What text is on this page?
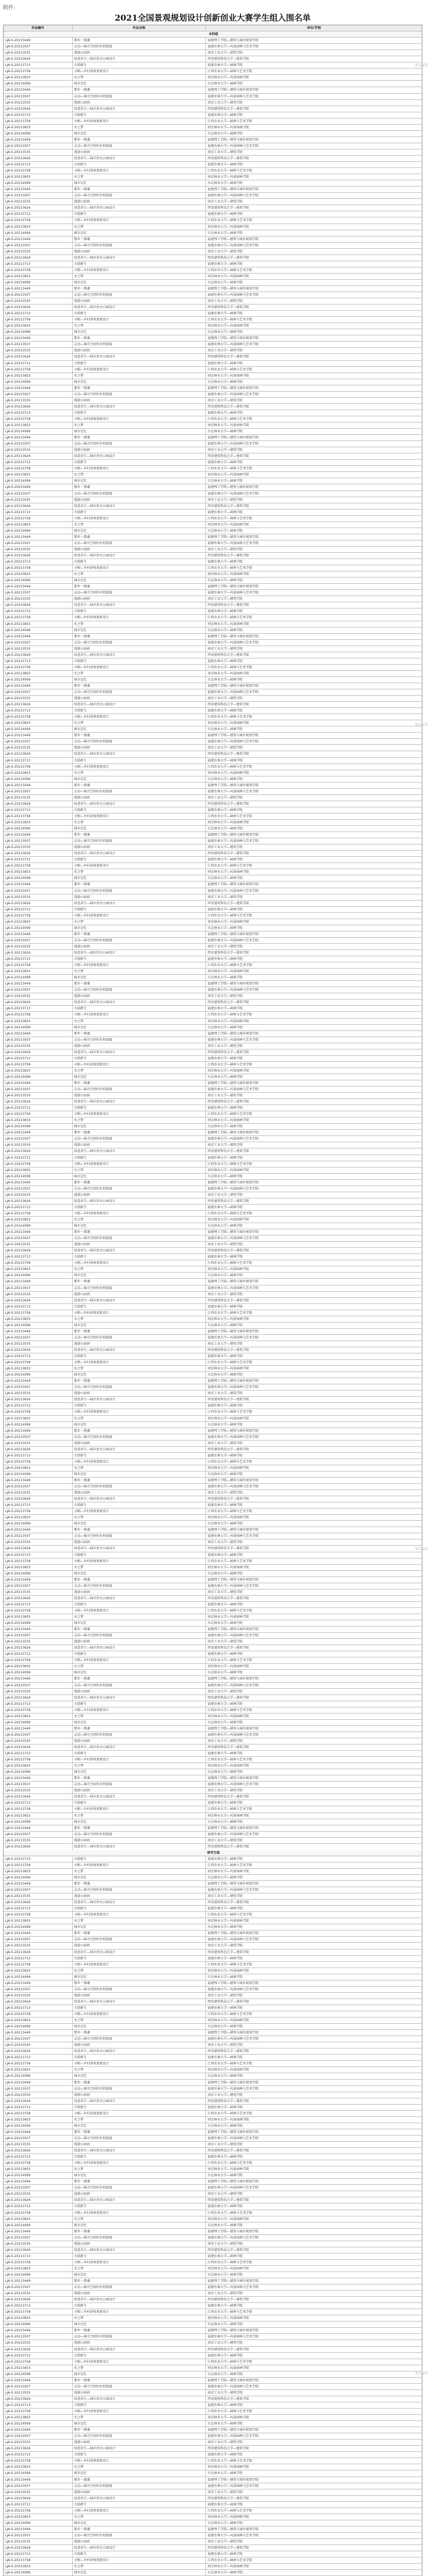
附件:
2021全国景观规划设计创新创业大赛学生组入围名单
作品编号	作品名称	单位/学校
本科组
LJA-S-20213449	那乡一那魂	福建理工学院—建筑与城乡规划学院
LJA-S-20213507	灵动—城市空间的有机链接	福建农林大学—风景园林与艺术学院
LJA-S-20213535	漫游山海间	南京工业大学—建筑学院
LJA-S-20213626	绿意共生—城市滨水公园设计	西安建筑科技大学—建筑学院
LJA-S-20213713	古韵新生	福建农林大学—园林学院
LJA-S-20213758	寻根—乡村景观更新设计	江西农业大学—园林与艺术学院
LJA-S-20213833	水之梦	南京林业大学—风景园林学院
LJA-S-20214099	城市记忆	东北林业大学—园林学院
LJA-S-20213449	那乡一那魂	福建理工学院—建筑与城乡规划学院
LJA-S-20213507	灵动—城市空间的有机链接	福建农林大学—风景园林与艺术学院
LJA-S-20213535	漫游山海间	南京工业大学—建筑学院
LJA-S-20213626	绿意共生—城市滨水公园设计	西安建筑科技大学—建筑学院
LJA-S-20213713	古韵新生	福建农林大学—园林学院
LJA-S-20213758	寻根—乡村景观更新设计	江西农业大学—园林与艺术学院
LJA-S-20213833	水之梦	南京林业大学—风景园林学院
LJA-S-20214099	城市记忆	东北林业大学—园林学院
LJA-S-20213449	那乡一那魂	福建理工学院—建筑与城乡规划学院
LJA-S-20213507	灵动—城市空间的有机链接	福建农林大学—风景园林与艺术学院
LJA-S-20213535	漫游山海间	南京工业大学—建筑学院
LJA-S-20213626	绿意共生—城市滨水公园设计	西安建筑科技大学—建筑学院
LJA-S-20213713	古韵新生	福建农林大学—园林学院
LJA-S-20213758	寻根—乡村景观更新设计	江西农业大学—园林与艺术学院
LJA-S-20213833	水之梦	南京林业大学—风景园林学院
LJA-S-20214099	城市记忆	东北林业大学—园林学院
LJA-S-20213449	那乡一那魂	福建理工学院—建筑与城乡规划学院
LJA-S-20213507	灵动—城市空间的有机链接	福建农林大学—风景园林与艺术学院
LJA-S-20213535	漫游山海间	南京工业大学—建筑学院
LJA-S-20213626	绿意共生—城市滨水公园设计	西安建筑科技大学—建筑学院
LJA-S-20213713	古韵新生	福建农林大学—园林学院
LJA-S-20213758	寻根—乡村景观更新设计	江西农业大学—园林与艺术学院
LJA-S-20213833	水之梦	南京林业大学—风景园林学院
LJA-S-20214099	城市记忆	东北林业大学—园林学院
LJA-S-20213449	那乡一那魂	福建理工学院—建筑与城乡规划学院
LJA-S-20213507	灵动—城市空间的有机链接	福建农林大学—风景园林与艺术学院
LJA-S-20213535	漫游山海间	南京工业大学—建筑学院
LJA-S-20213626	绿意共生—城市滨水公园设计	西安建筑科技大学—建筑学院
LJA-S-20213713	古韵新生	福建农林大学—园林学院
LJA-S-20213758	寻根—乡村景观更新设计	江西农业大学—园林与艺术学院
LJA-S-20213833	水之梦	南京林业大学—风景园林学院
LJA-S-20214099	城市记忆	东北林业大学—园林学院
LJA-S-20213449	那乡一那魂	福建理工学院—建筑与城乡规划学院
LJA-S-20213507	灵动—城市空间的有机链接	福建农林大学—风景园林与艺术学院
LJA-S-20213535	漫游山海间	南京工业大学—建筑学院
LJA-S-20213626	绿意共生—城市滨水公园设计	西安建筑科技大学—建筑学院
LJA-S-20213713	古韵新生	福建农林大学—园林学院
LJA-S-20213758	寻根—乡村景观更新设计	江西农业大学—园林与艺术学院
LJA-S-20213833	水之梦	南京林业大学—风景园林学院
LJA-S-20214099	城市记忆	东北林业大学—园林学院
LJA-S-20213449	那乡一那魂	福建理工学院—建筑与城乡规划学院
LJA-S-20213507	灵动—城市空间的有机链接	福建农林大学—风景园林与艺术学院
LJA-S-20213535	漫游山海间	南京工业大学—建筑学院
LJA-S-20213626	绿意共生—城市滨水公园设计	西安建筑科技大学—建筑学院
LJA-S-20213713	古韵新生	福建农林大学—园林学院
LJA-S-20213758	寻根—乡村景观更新设计	江西农业大学—园林与艺术学院
LJA-S-20213833	水之梦	南京林业大学—风景园林学院
LJA-S-20214099	城市记忆	东北林业大学—园林学院
LJA-S-20213449	那乡一那魂	福建理工学院—建筑与城乡规划学院
LJA-S-20213507	灵动—城市空间的有机链接	福建农林大学—风景园林与艺术学院
LJA-S-20213535	漫游山海间	南京工业大学—建筑学院
LJA-S-20213626	绿意共生—城市滨水公园设计	西安建筑科技大学—建筑学院
LJA-S-20213713	古韵新生	福建农林大学—园林学院
LJA-S-20213758	寻根—乡村景观更新设计	江西农业大学—园林与艺术学院
LJA-S-20213833	水之梦	南京林业大学—风景园林学院
LJA-S-20214099	城市记忆	东北林业大学—园林学院
LJA-S-20213449	那乡一那魂	福建理工学院—建筑与城乡规划学院
LJA-S-20213507	灵动—城市空间的有机链接	福建农林大学—风景园林与艺术学院
LJA-S-20213535	漫游山海间	南京工业大学—建筑学院
LJA-S-20213626	绿意共生—城市滨水公园设计	西安建筑科技大学—建筑学院
LJA-S-20213713	古韵新生	福建农林大学—园林学院
LJA-S-20213758	寻根—乡村景观更新设计	江西农业大学—园林与艺术学院
LJA-S-20213833	水之梦	南京林业大学—风景园林学院
LJA-S-20214099	城市记忆	东北林业大学—园林学院
LJA-S-20213449	那乡一那魂	福建理工学院—建筑与城乡规划学院
LJA-S-20213507	灵动—城市空间的有机链接	福建农林大学—风景园林与艺术学院
LJA-S-20213535	漫游山海间	南京工业大学—建筑学院
LJA-S-20213626	绿意共生—城市滨水公园设计	西安建筑科技大学—建筑学院
LJA-S-20213713	古韵新生	福建农林大学—园林学院
LJA-S-20213758	寻根—乡村景观更新设计	江西农业大学—园林与艺术学院
LJA-S-20213833	水之梦	南京林业大学—风景园林学院
LJA-S-20214099	城市记忆	东北林业大学—园林学院
LJA-S-20213449	那乡一那魂	福建理工学院—建筑与城乡规划学院
LJA-S-20213507	灵动—城市空间的有机链接	福建农林大学—风景园林与艺术学院
LJA-S-20213535	漫游山海间	南京工业大学—建筑学院
LJA-S-20213626	绿意共生—城市滨水公园设计	西安建筑科技大学—建筑学院
LJA-S-20213713	古韵新生	福建农林大学—园林学院
LJA-S-20213758	寻根—乡村景观更新设计	江西农业大学—园林与艺术学院
LJA-S-20213833	水之梦	南京林业大学—风景园林学院
LJA-S-20214099	城市记忆	东北林业大学—园林学院
LJA-S-20213449	那乡一那魂	福建理工学院—建筑与城乡规划学院
LJA-S-20213507	灵动—城市空间的有机链接	福建农林大学—风景园林与艺术学院
LJA-S-20213535	漫游山海间	南京工业大学—建筑学院
LJA-S-20213626	绿意共生—城市滨水公园设计	西安建筑科技大学—建筑学院
LJA-S-20213713	古韵新生	福建农林大学—园林学院
LJA-S-20213758	寻根—乡村景观更新设计	江西农业大学—园林与艺术学院
LJA-S-20213833	水之梦	南京林业大学—风景园林学院
LJA-S-20214099	城市记忆	东北林业大学—园林学院
LJA-S-20213449	那乡一那魂	福建理工学院—建筑与城乡规划学院
LJA-S-20213507	灵动—城市空间的有机链接	福建农林大学—风景园林与艺术学院
LJA-S-20213535	漫游山海间	南京工业大学—建筑学院
LJA-S-20213626	绿意共生—城市滨水公园设计	西安建筑科技大学—建筑学院
LJA-S-20213713	古韵新生	福建农林大学—园林学院
LJA-S-20213758	寻根—乡村景观更新设计	江西农业大学—园林与艺术学院
LJA-S-20213833	水之梦	南京林业大学—风景园林学院
LJA-S-20214099	城市记忆	东北林业大学—园林学院
LJA-S-20213449	那乡一那魂	福建理工学院—建筑与城乡规划学院
LJA-S-20213507	灵动—城市空间的有机链接	福建农林大学—风景园林与艺术学院
LJA-S-20213535	漫游山海间	南京工业大学—建筑学院
LJA-S-20213626	绿意共生—城市滨水公园设计	西安建筑科技大学—建筑学院
LJA-S-20213713	古韵新生	福建农林大学—园林学院
LJA-S-20213758	寻根—乡村景观更新设计	江西农业大学—园林与艺术学院
LJA-S-20213833	水之梦	南京林业大学—风景园林学院
LJA-S-20214099	城市记忆	东北林业大学—园林学院
LJA-S-20213449	那乡一那魂	福建理工学院—建筑与城乡规划学院
LJA-S-20213507	灵动—城市空间的有机链接	福建农林大学—风景园林与艺术学院
LJA-S-20213535	漫游山海间	南京工业大学—建筑学院
LJA-S-20213626	绿意共生—城市滨水公园设计	西安建筑科技大学—建筑学院
LJA-S-20213713	古韵新生	福建农林大学—园林学院
LJA-S-20213758	寻根—乡村景观更新设计	江西农业大学—园林与艺术学院
LJA-S-20213833	水之梦	南京林业大学—风景园林学院
LJA-S-20214099	城市记忆	东北林业大学—园林学院
LJA-S-20213449	那乡一那魂	福建理工学院—建筑与城乡规划学院
LJA-S-20213507	灵动—城市空间的有机链接	福建农林大学—风景园林与艺术学院
LJA-S-20213535	漫游山海间	南京工业大学—建筑学院
LJA-S-20213626	绿意共生—城市滨水公园设计	西安建筑科技大学—建筑学院
LJA-S-20213713	古韵新生	福建农林大学—园林学院
LJA-S-20213758	寻根—乡村景观更新设计	江西农业大学—园林与艺术学院
LJA-S-20213833	水之梦	南京林业大学—风景园林学院
LJA-S-20214099	城市记忆	东北林业大学—园林学院
LJA-S-20213449	那乡一那魂	福建理工学院—建筑与城乡规划学院
LJA-S-20213507	灵动—城市空间的有机链接	福建农林大学—风景园林与艺术学院
LJA-S-20213535	漫游山海间	南京工业大学—建筑学院
LJA-S-20213626	绿意共生—城市滨水公园设计	西安建筑科技大学—建筑学院
LJA-S-20213713	古韵新生	福建农林大学—园林学院
LJA-S-20213758	寻根—乡村景观更新设计	江西农业大学—园林与艺术学院
LJA-S-20213833	水之梦	南京林业大学—风景园林学院
LJA-S-20214099	城市记忆	东北林业大学—园林学院
LJA-S-20213449	那乡一那魂	福建理工学院—建筑与城乡规划学院
LJA-S-20213507	灵动—城市空间的有机链接	福建农林大学—风景园林与艺术学院
LJA-S-20213535	漫游山海间	南京工业大学—建筑学院
LJA-S-20213626	绿意共生—城市滨水公园设计	西安建筑科技大学—建筑学院
LJA-S-20213713	古韵新生	福建农林大学—园林学院
LJA-S-20213758	寻根—乡村景观更新设计	江西农业大学—园林与艺术学院
LJA-S-20213833	水之梦	南京林业大学—风景园林学院
LJA-S-20214099	城市记忆	东北林业大学—园林学院
LJA-S-20213449	那乡一那魂	福建理工学院—建筑与城乡规划学院
LJA-S-20213507	灵动—城市空间的有机链接	福建农林大学—风景园林与艺术学院
LJA-S-20213535	漫游山海间	南京工业大学—建筑学院
LJA-S-20213626	绿意共生—城市滨水公园设计	西安建筑科技大学—建筑学院
LJA-S-20213713	古韵新生	福建农林大学—园林学院
LJA-S-20213758	寻根—乡村景观更新设计	江西农业大学—园林与艺术学院
LJA-S-20213833	水之梦	南京林业大学—风景园林学院
LJA-S-20214099	城市记忆	东北林业大学—园林学院
LJA-S-20213449	那乡一那魂	福建理工学院—建筑与城乡规划学院
LJA-S-20213507	灵动—城市空间的有机链接	福建农林大学—风景园林与艺术学院
LJA-S-20213535	漫游山海间	南京工业大学—建筑学院
LJA-S-20213626	绿意共生—城市滨水公园设计	西安建筑科技大学—建筑学院
LJA-S-20213713	古韵新生	福建农林大学—园林学院
LJA-S-20213758	寻根—乡村景观更新设计	江西农业大学—园林与艺术学院
LJA-S-20213833	水之梦	南京林业大学—风景园林学院
LJA-S-20214099	城市记忆	东北林业大学—园林学院
LJA-S-20213449	那乡一那魂	福建理工学院—建筑与城乡规划学院
LJA-S-20213507	灵动—城市空间的有机链接	福建农林大学—风景园林与艺术学院
LJA-S-20213535	漫游山海间	南京工业大学—建筑学院
LJA-S-20213626	绿意共生—城市滨水公园设计	西安建筑科技大学—建筑学院
LJA-S-20213713	古韵新生	福建农林大学—园林学院
LJA-S-20213758	寻根—乡村景观更新设计	江西农业大学—园林与艺术学院
LJA-S-20213833	水之梦	南京林业大学—风景园林学院
LJA-S-20214099	城市记忆	东北林业大学—园林学院
LJA-S-20213449	那乡一那魂	福建理工学院—建筑与城乡规划学院
LJA-S-20213507	灵动—城市空间的有机链接	福建农林大学—风景园林与艺术学院
LJA-S-20213535	漫游山海间	南京工业大学—建筑学院
LJA-S-20213626	绿意共生—城市滨水公园设计	西安建筑科技大学—建筑学院
LJA-S-20213713	古韵新生	福建农林大学—园林学院
LJA-S-20213758	寻根—乡村景观更新设计	江西农业大学—园林与艺术学院
LJA-S-20213833	水之梦	南京林业大学—风景园林学院
LJA-S-20214099	城市记忆	东北林业大学—园林学院
LJA-S-20213449	那乡一那魂	福建理工学院—建筑与城乡规划学院
LJA-S-20213507	灵动—城市空间的有机链接	福建农林大学—风景园林与艺术学院
LJA-S-20213535	漫游山海间	南京工业大学—建筑学院
LJA-S-20213626	绿意共生—城市滨水公园设计	西安建筑科技大学—建筑学院
LJA-S-20213713	古韵新生	福建农林大学—园林学院
LJA-S-20213758	寻根—乡村景观更新设计	江西农业大学—园林与艺术学院
LJA-S-20213833	水之梦	南京林业大学—风景园林学院
LJA-S-20214099	城市记忆	东北林业大学—园林学院
LJA-S-20213449	那乡一那魂	福建理工学院—建筑与城乡规划学院
LJA-S-20213507	灵动—城市空间的有机链接	福建农林大学—风景园林与艺术学院
LJA-S-20213535	漫游山海间	南京工业大学—建筑学院
LJA-S-20213626	绿意共生—城市滨水公园设计	西安建筑科技大学—建筑学院
LJA-S-20213713	古韵新生	福建农林大学—园林学院
LJA-S-20213758	寻根—乡村景观更新设计	江西农业大学—园林与艺术学院
LJA-S-20213833	水之梦	南京林业大学—风景园林学院
LJA-S-20214099	城市记忆	东北林业大学—园林学院
LJA-S-20213449	那乡一那魂	福建理工学院—建筑与城乡规划学院
LJA-S-20213507	灵动—城市空间的有机链接	福建农林大学—风景园林与艺术学院
LJA-S-20213535	漫游山海间	南京工业大学—建筑学院
LJA-S-20213626	绿意共生—城市滨水公园设计	西安建筑科技大学—建筑学院
LJA-S-20213713	古韵新生	福建农林大学—园林学院
LJA-S-20213758	寻根—乡村景观更新设计	江西农业大学—园林与艺术学院
LJA-S-20213833	水之梦	南京林业大学—风景园林学院
LJA-S-20214099	城市记忆	东北林业大学—园林学院
LJA-S-20213449	那乡一那魂	福建理工学院—建筑与城乡规划学院
LJA-S-20213507	灵动—城市空间的有机链接	福建农林大学—风景园林与艺术学院
LJA-S-20213535	漫游山海间	南京工业大学—建筑学院
LJA-S-20213626	绿意共生—城市滨水公园设计	西安建筑科技大学—建筑学院
LJA-S-20213713	古韵新生	福建农林大学—园林学院
LJA-S-20213758	寻根—乡村景观更新设计	江西农业大学—园林与艺术学院
LJA-S-20213833	水之梦	南京林业大学—风景园林学院
LJA-S-20214099	城市记忆	东北林业大学—园林学院
LJA-S-20213449	那乡一那魂	福建理工学院—建筑与城乡规划学院
LJA-S-20213507	灵动—城市空间的有机链接	福建农林大学—风景园林与艺术学院
LJA-S-20213535	漫游山海间	南京工业大学—建筑学院
LJA-S-20213626	绿意共生—城市滨水公园设计	西安建筑科技大学—建筑学院
LJA-S-20213713	古韵新生	福建农林大学—园林学院
LJA-S-20213758	寻根—乡村景观更新设计	江西农业大学—园林与艺术学院
LJA-S-20213833	水之梦	南京林业大学—风景园林学院
LJA-S-20214099	城市记忆	东北林业大学—园林学院
LJA-S-20213449	那乡一那魂	福建理工学院—建筑与城乡规划学院
LJA-S-20213507	灵动—城市空间的有机链接	福建农林大学—风景园林与艺术学院
LJA-S-20213535	漫游山海间	南京工业大学—建筑学院
LJA-S-20213626	绿意共生—城市滨水公园设计	西安建筑科技大学—建筑学院
LJA-S-20213713	古韵新生	福建农林大学—园林学院
LJA-S-20213758	寻根—乡村景观更新设计	江西农业大学—园林与艺术学院
LJA-S-20213833	水之梦	南京林业大学—风景园林学院
LJA-S-20214099	城市记忆	东北林业大学—园林学院
LJA-S-20213449	那乡一那魂	福建理工学院—建筑与城乡规划学院
LJA-S-20213507	灵动—城市空间的有机链接	福建农林大学—风景园林与艺术学院
LJA-S-20213535	漫游山海间	南京工业大学—建筑学院
LJA-S-20213626	绿意共生—城市滨水公园设计	西安建筑科技大学—建筑学院
LJA-S-20213713	古韵新生	福建农林大学—园林学院
LJA-S-20213758	寻根—乡村景观更新设计	江西农业大学—园林与艺术学院
LJA-S-20213833	水之梦	南京林业大学—风景园林学院
LJA-S-20214099	城市记忆	东北林业大学—园林学院
LJA-S-20213449	那乡一那魂	福建理工学院—建筑与城乡规划学院
LJA-S-20213507	灵动—城市空间的有机链接	福建农林大学—风景园林与艺术学院
LJA-S-20213535	漫游山海间	南京工业大学—建筑学院
LJA-S-20213626	绿意共生—城市滨水公园设计	西安建筑科技大学—建筑学院
LJA-S-20213713	古韵新生	福建农林大学—园林学院
LJA-S-20213758	寻根—乡村景观更新设计	江西农业大学—园林与艺术学院
LJA-S-20213833	水之梦	南京林业大学—风景园林学院
LJA-S-20214099	城市记忆	东北林业大学—园林学院
LJA-S-20213449	那乡一那魂	福建理工学院—建筑与城乡规划学院
LJA-S-20213507	灵动—城市空间的有机链接	福建农林大学—风景园林与艺术学院
LJA-S-20213535	漫游山海间	南京工业大学—建筑学院
LJA-S-20213626	绿意共生—城市滨水公园设计	西安建筑科技大学—建筑学院
LJA-S-20213713	古韵新生	福建农林大学—园林学院
LJA-S-20213758	寻根—乡村景观更新设计	江西农业大学—园林与艺术学院
LJA-S-20213833	水之梦	南京林业大学—风景园林学院
LJA-S-20214099	城市记忆	东北林业大学—园林学院
LJA-S-20213449	那乡一那魂	福建理工学院—建筑与城乡规划学院
LJA-S-20213507	灵动—城市空间的有机链接	福建农林大学—风景园林与艺术学院
LJA-S-20213535	漫游山海间	南京工业大学—建筑学院
LJA-S-20213626	绿意共生—城市滨水公园设计	西安建筑科技大学—建筑学院
LJA-S-20213713	古韵新生	福建农林大学—园林学院
LJA-S-20213758	寻根—乡村景观更新设计	江西农业大学—园林与艺术学院
LJA-S-20213833	水之梦	南京林业大学—风景园林学院
LJA-S-20214099	城市记忆	东北林业大学—园林学院
LJA-S-20213449	那乡一那魂	福建理工学院—建筑与城乡规划学院
LJA-S-20213507	灵动—城市空间的有机链接	福建农林大学—风景园林与艺术学院
LJA-S-20213535	漫游山海间	南京工业大学—建筑学院
LJA-S-20213626	绿意共生—城市滨水公园设计	西安建筑科技大学—建筑学院
LJA-S-20213713	古韵新生	福建农林大学—园林学院
LJA-S-20213758	寻根—乡村景观更新设计	江西农业大学—园林与艺术学院
LJA-S-20213833	水之梦	南京林业大学—风景园林学院
LJA-S-20214099	城市记忆	东北林业大学—园林学院
LJA-S-20213449	那乡一那魂	福建理工学院—建筑与城乡规划学院
LJA-S-20213507	灵动—城市空间的有机链接	福建农林大学—风景园林与艺术学院
LJA-S-20213535	漫游山海间	南京工业大学—建筑学院
LJA-S-20213626	绿意共生—城市滨水公园设计	西安建筑科技大学—建筑学院
LJA-S-20213713	古韵新生	福建农林大学—园林学院
LJA-S-20213758	寻根—乡村景观更新设计	江西农业大学—园林与艺术学院
LJA-S-20213833	水之梦	南京林业大学—风景园林学院
LJA-S-20214099	城市记忆	东北林业大学—园林学院
LJA-S-20213449	那乡一那魂	福建理工学院—建筑与城乡规划学院
LJA-S-20213507	灵动—城市空间的有机链接	福建农林大学—风景园林与艺术学院
LJA-S-20213535	漫游山海间	南京工业大学—建筑学院
LJA-S-20213626	绿意共生—城市滨水公园设计	西安建筑科技大学—建筑学院
LJA-S-20213713	古韵新生	福建农林大学—园林学院
LJA-S-20213758	寻根—乡村景观更新设计	江西农业大学—园林与艺术学院
LJA-S-20213833	水之梦	南京林业大学—风景园林学院
LJA-S-20214099	城市记忆	东北林业大学—园林学院
LJA-S-20213449	那乡一那魂	福建理工学院—建筑与城乡规划学院
LJA-S-20213507	灵动—城市空间的有机链接	福建农林大学—风景园林与艺术学院
LJA-S-20213535	漫游山海间	南京工业大学—建筑学院
LJA-S-20213626	绿意共生—城市滨水公园设计	西安建筑科技大学—建筑学院
LJA-S-20213713	古韵新生	福建农林大学—园林学院
LJA-S-20213758	寻根—乡村景观更新设计	江西农业大学—园林与艺术学院
LJA-S-20213833	水之梦	南京林业大学—风景园林学院
LJA-S-20214099	城市记忆	东北林业大学—园林学院
LJA-S-20213449	那乡一那魂	福建理工学院—建筑与城乡规划学院
LJA-S-20213507	灵动—城市空间的有机链接	福建农林大学—风景园林与艺术学院
LJA-S-20213535	漫游山海间	南京工业大学—建筑学院
LJA-S-20213626	绿意共生—城市滨水公园设计	西安建筑科技大学—建筑学院
研究生组
LJA-S-20213713	古韵新生	福建农林大学—园林学院
LJA-S-20213758	寻根—乡村景观更新设计	江西农业大学—园林与艺术学院
LJA-S-20213833	水之梦	南京林业大学—风景园林学院
LJA-S-20214099	城市记忆	东北林业大学—园林学院
LJA-S-20213449	那乡一那魂	福建理工学院—建筑与城乡规划学院
LJA-S-20213507	灵动—城市空间的有机链接	福建农林大学—风景园林与艺术学院
LJA-S-20213535	漫游山海间	南京工业大学—建筑学院
LJA-S-20213626	绿意共生—城市滨水公园设计	西安建筑科技大学—建筑学院
LJA-S-20213713	古韵新生	福建农林大学—园林学院
LJA-S-20213758	寻根—乡村景观更新设计	江西农业大学—园林与艺术学院
LJA-S-20213833	水之梦	南京林业大学—风景园林学院
LJA-S-20214099	城市记忆	东北林业大学—园林学院
LJA-S-20213449	那乡一那魂	福建理工学院—建筑与城乡规划学院
LJA-S-20213507	灵动—城市空间的有机链接	福建农林大学—风景园林与艺术学院
LJA-S-20213535	漫游山海间	南京工业大学—建筑学院
LJA-S-20213626	绿意共生—城市滨水公园设计	西安建筑科技大学—建筑学院
LJA-S-20213713	古韵新生	福建农林大学—园林学院
LJA-S-20213758	寻根—乡村景观更新设计	江西农业大学—园林与艺术学院
LJA-S-20213833	水之梦	南京林业大学—风景园林学院
LJA-S-20214099	城市记忆	东北林业大学—园林学院
LJA-S-20213449	那乡一那魂	福建理工学院—建筑与城乡规划学院
LJA-S-20213507	灵动—城市空间的有机链接	福建农林大学—风景园林与艺术学院
LJA-S-20213535	漫游山海间	南京工业大学—建筑学院
LJA-S-20213626	绿意共生—城市滨水公园设计	西安建筑科技大学—建筑学院
LJA-S-20213713	古韵新生	福建农林大学—园林学院
LJA-S-20213758	寻根—乡村景观更新设计	江西农业大学—园林与艺术学院
LJA-S-20213833	水之梦	南京林业大学—风景园林学院
LJA-S-20214099	城市记忆	东北林业大学—园林学院
LJA-S-20213449	那乡一那魂	福建理工学院—建筑与城乡规划学院
LJA-S-20213507	灵动—城市空间的有机链接	福建农林大学—风景园林与艺术学院
LJA-S-20213535	漫游山海间	南京工业大学—建筑学院
LJA-S-20213626	绿意共生—城市滨水公园设计	西安建筑科技大学—建筑学院
LJA-S-20213713	古韵新生	福建农林大学—园林学院
LJA-S-20213758	寻根—乡村景观更新设计	江西农业大学—园林与艺术学院
LJA-S-20213833	水之梦	南京林业大学—风景园林学院
LJA-S-20214099	城市记忆	东北林业大学—园林学院
LJA-S-20213449	那乡一那魂	福建理工学院—建筑与城乡规划学院
LJA-S-20213507	灵动—城市空间的有机链接	福建农林大学—风景园林与艺术学院
LJA-S-20213535	漫游山海间	南京工业大学—建筑学院
LJA-S-20213626	绿意共生—城市滨水公园设计	西安建筑科技大学—建筑学院
LJA-S-20213713	古韵新生	福建农林大学—园林学院
LJA-S-20213758	寻根—乡村景观更新设计	江西农业大学—园林与艺术学院
LJA-S-20213833	水之梦	南京林业大学—风景园林学院
LJA-S-20214099	城市记忆	东北林业大学—园林学院
LJA-S-20213449	那乡一那魂	福建理工学院—建筑与城乡规划学院
LJA-S-20213507	灵动—城市空间的有机链接	福建农林大学—风景园林与艺术学院
LJA-S-20213535	漫游山海间	南京工业大学—建筑学院
LJA-S-20213626	绿意共生—城市滨水公园设计	西安建筑科技大学—建筑学院
LJA-S-20213713	古韵新生	福建农林大学—园林学院
LJA-S-20213758	寻根—乡村景观更新设计	江西农业大学—园林与艺术学院
LJA-S-20213833	水之梦	南京林业大学—风景园林学院
LJA-S-20214099	城市记忆	东北林业大学—园林学院
LJA-S-20213449	那乡一那魂	福建理工学院—建筑与城乡规划学院
LJA-S-20213507	灵动—城市空间的有机链接	福建农林大学—风景园林与艺术学院
LJA-S-20213535	漫游山海间	南京工业大学—建筑学院
LJA-S-20213626	绿意共生—城市滨水公园设计	西安建筑科技大学—建筑学院
LJA-S-20213713	古韵新生	福建农林大学—园林学院
LJA-S-20213758	寻根—乡村景观更新设计	江西农业大学—园林与艺术学院
LJA-S-20213833	水之梦	南京林业大学—风景园林学院
LJA-S-20214099	城市记忆	东北林业大学—园林学院
LJA-S-20213449	那乡一那魂	福建理工学院—建筑与城乡规划学院
LJA-S-20213507	灵动—城市空间的有机链接	福建农林大学—风景园林与艺术学院
LJA-S-20213535	漫游山海间	南京工业大学—建筑学院
LJA-S-20213626	绿意共生—城市滨水公园设计	西安建筑科技大学—建筑学院
LJA-S-20213713	古韵新生	福建农林大学—园林学院
LJA-S-20213758	寻根—乡村景观更新设计	江西农业大学—园林与艺术学院
LJA-S-20213833	水之梦	南京林业大学—风景园林学院
LJA-S-20214099	城市记忆	东北林业大学—园林学院
LJA-S-20213449	那乡一那魂	福建理工学院—建筑与城乡规划学院
LJA-S-20213507	灵动—城市空间的有机链接	福建农林大学—风景园林与艺术学院
LJA-S-20213535	漫游山海间	南京工业大学—建筑学院
LJA-S-20213626	绿意共生—城市滨水公园设计	西安建筑科技大学—建筑学院
LJA-S-20213713	古韵新生	福建农林大学—园林学院
LJA-S-20213758	寻根—乡村景观更新设计	江西农业大学—园林与艺术学院
LJA-S-20213833	水之梦	南京林业大学—风景园林学院
LJA-S-20214099	城市记忆	东北林业大学—园林学院
LJA-S-20213449	那乡一那魂	福建理工学院—建筑与城乡规划学院
LJA-S-20213507	灵动—城市空间的有机链接	福建农林大学—风景园林与艺术学院
LJA-S-20213535	漫游山海间	南京工业大学—建筑学院
LJA-S-20213626	绿意共生—城市滨水公园设计	西安建筑科技大学—建筑学院
LJA-S-20213713	古韵新生	福建农林大学—园林学院
LJA-S-20213758	寻根—乡村景观更新设计	江西农业大学—园林与艺术学院
LJA-S-20213833	水之梦	南京林业大学—风景园林学院
LJA-S-20214099	城市记忆	东北林业大学—园林学院
LJA-S-20213449	那乡一那魂	福建理工学院—建筑与城乡规划学院
LJA-S-20213507	灵动—城市空间的有机链接	福建农林大学—风景园林与艺术学院
LJA-S-20213535	漫游山海间	南京工业大学—建筑学院
LJA-S-20213626	绿意共生—城市滨水公园设计	西安建筑科技大学—建筑学院
LJA-S-20213713	古韵新生	福建农林大学—园林学院
LJA-S-20213758	寻根—乡村景观更新设计	江西农业大学—园林与艺术学院
LJA-S-20213833	水之梦	南京林业大学—风景园林学院
LJA-S-20214099	城市记忆	东北林业大学—园林学院
LJA-S-20213449	那乡一那魂	福建理工学院—建筑与城乡规划学院
LJA-S-20213507	灵动—城市空间的有机链接	福建农林大学—风景园林与艺术学院
LJA-S-20213535	漫游山海间	南京工业大学—建筑学院
LJA-S-20213626	绿意共生—城市滨水公园设计	西安建筑科技大学—建筑学院
LJA-S-20213713	古韵新生	福建农林大学—园林学院
LJA-S-20213758	寻根—乡村景观更新设计	江西农业大学—园林与艺术学院
LJA-S-20213833	水之梦	南京林业大学—风景园林学院
LJA-S-20214099	城市记忆	东北林业大学—园林学院
LJA-S-20213449	那乡一那魂	福建理工学院—建筑与城乡规划学院
LJA-S-20213507	灵动—城市空间的有机链接	福建农林大学—风景园林与艺术学院
LJA-S-20213535	漫游山海间	南京工业大学—建筑学院
LJA-S-20213626	绿意共生—城市滨水公园设计	西安建筑科技大学—建筑学院
LJA-S-20213713	古韵新生	福建农林大学—园林学院
LJA-S-20213758	寻根—乡村景观更新设计	江西农业大学—园林与艺术学院
LJA-S-20213833	水之梦	南京林业大学—风景园林学院
LJA-S-20214099	城市记忆	东北林业大学—园林学院
LJA-S-20213449	那乡一那魂	福建理工学院—建筑与城乡规划学院
LJA-S-20213507	灵动—城市空间的有机链接	福建农林大学—风景园林与艺术学院
LJA-S-20213535	漫游山海间	南京工业大学—建筑学院
LJA-S-20213626	绿意共生—城市滨水公园设计	西安建筑科技大学—建筑学院
LJA-S-20213713	古韵新生	福建农林大学—园林学院
LJA-S-20213758	寻根—乡村景观更新设计	江西农业大学—园林与艺术学院
LJA-S-20213833	水之梦	南京林业大学—风景园林学院
LJA-S-20214099	城市记忆	东北林业大学—园林学院
KING
KING
KING
KING
